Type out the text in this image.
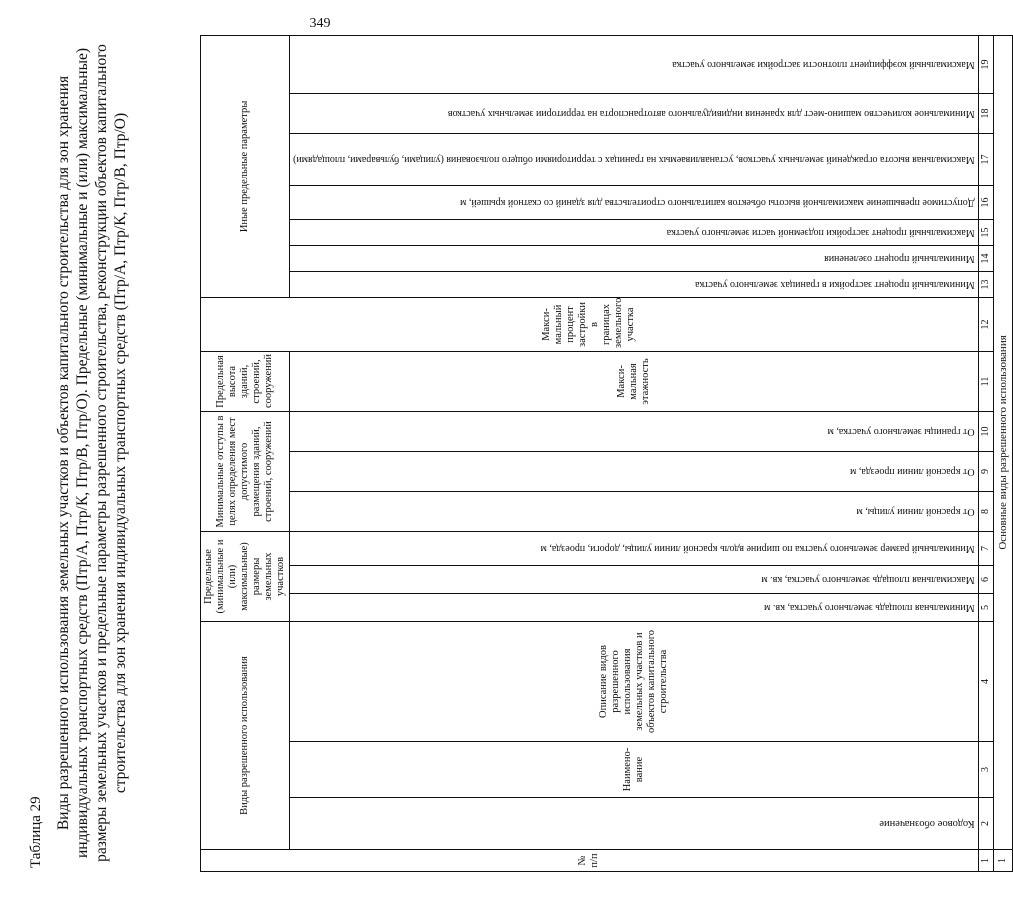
349
Таблица 29
Виды разрешенного использования земельных участков и объектов капитального строительства для зон хранения индивидуальных транспортных средств (Птр/А, Птр/К, Птр/В, Птр/О). Предельные (минимальные и (или) максимальные) размеры земельных участков и предельные параметры разрешенного строительства, реконструкции объектов капитального строительства для зон хранения индивидуальных транспортных средств (Птр/А, Птр/К, Птр/В, Птр/О)
№ п/п	Виды разрешенного использования			Предельные (минимальные и (или) максимальные) размеры земельных участков			Минимальные отступы в целях определения мест допустимого размещения зданий, строений, сооружений			Предельная высота зданий, строений, сооружений	Макси-мальный процент застройки в границах земельного участка	Иные предельные параметры						
	Кодовое обозначение	Наимено-вание	Описание видов разрешенного использования земельных участков и объектов капитального строительства	Минимальная площадь земельного участка, кв. м	Максимальная площадь земельного участка, кв. м	Минимальный размер земельного участка по ширине вдоль красной линии улицы, дороги, проезда, м	От красной линии улицы, м	От красной линии проезда, м	От границы земельного участка, м	Макси-мальная этажность		Минимальный процент застройки в границах земельного участка	Минимальный процент озеленения	Максимальный процент застройки подземной части земельного участка	Допустимое превышение максимальной высоты объектов капитального строительства для зданий со скатной крышей, м	Максимальная высота ограждений земельных участков, устанавливаемых на границах с территориями общего пользования (улицами, бульварами, площадями)	Минимальное количество машино-мест для хранения индивидуального автотранспорта на территории земельных участков	Максимальный коэффициент плотности застройки земельного участка
1	2	3	4	5	6	7	8	9	10	11	12	13	14	15	16	17	18	19
1	Основные виды разрешенного использования																	
